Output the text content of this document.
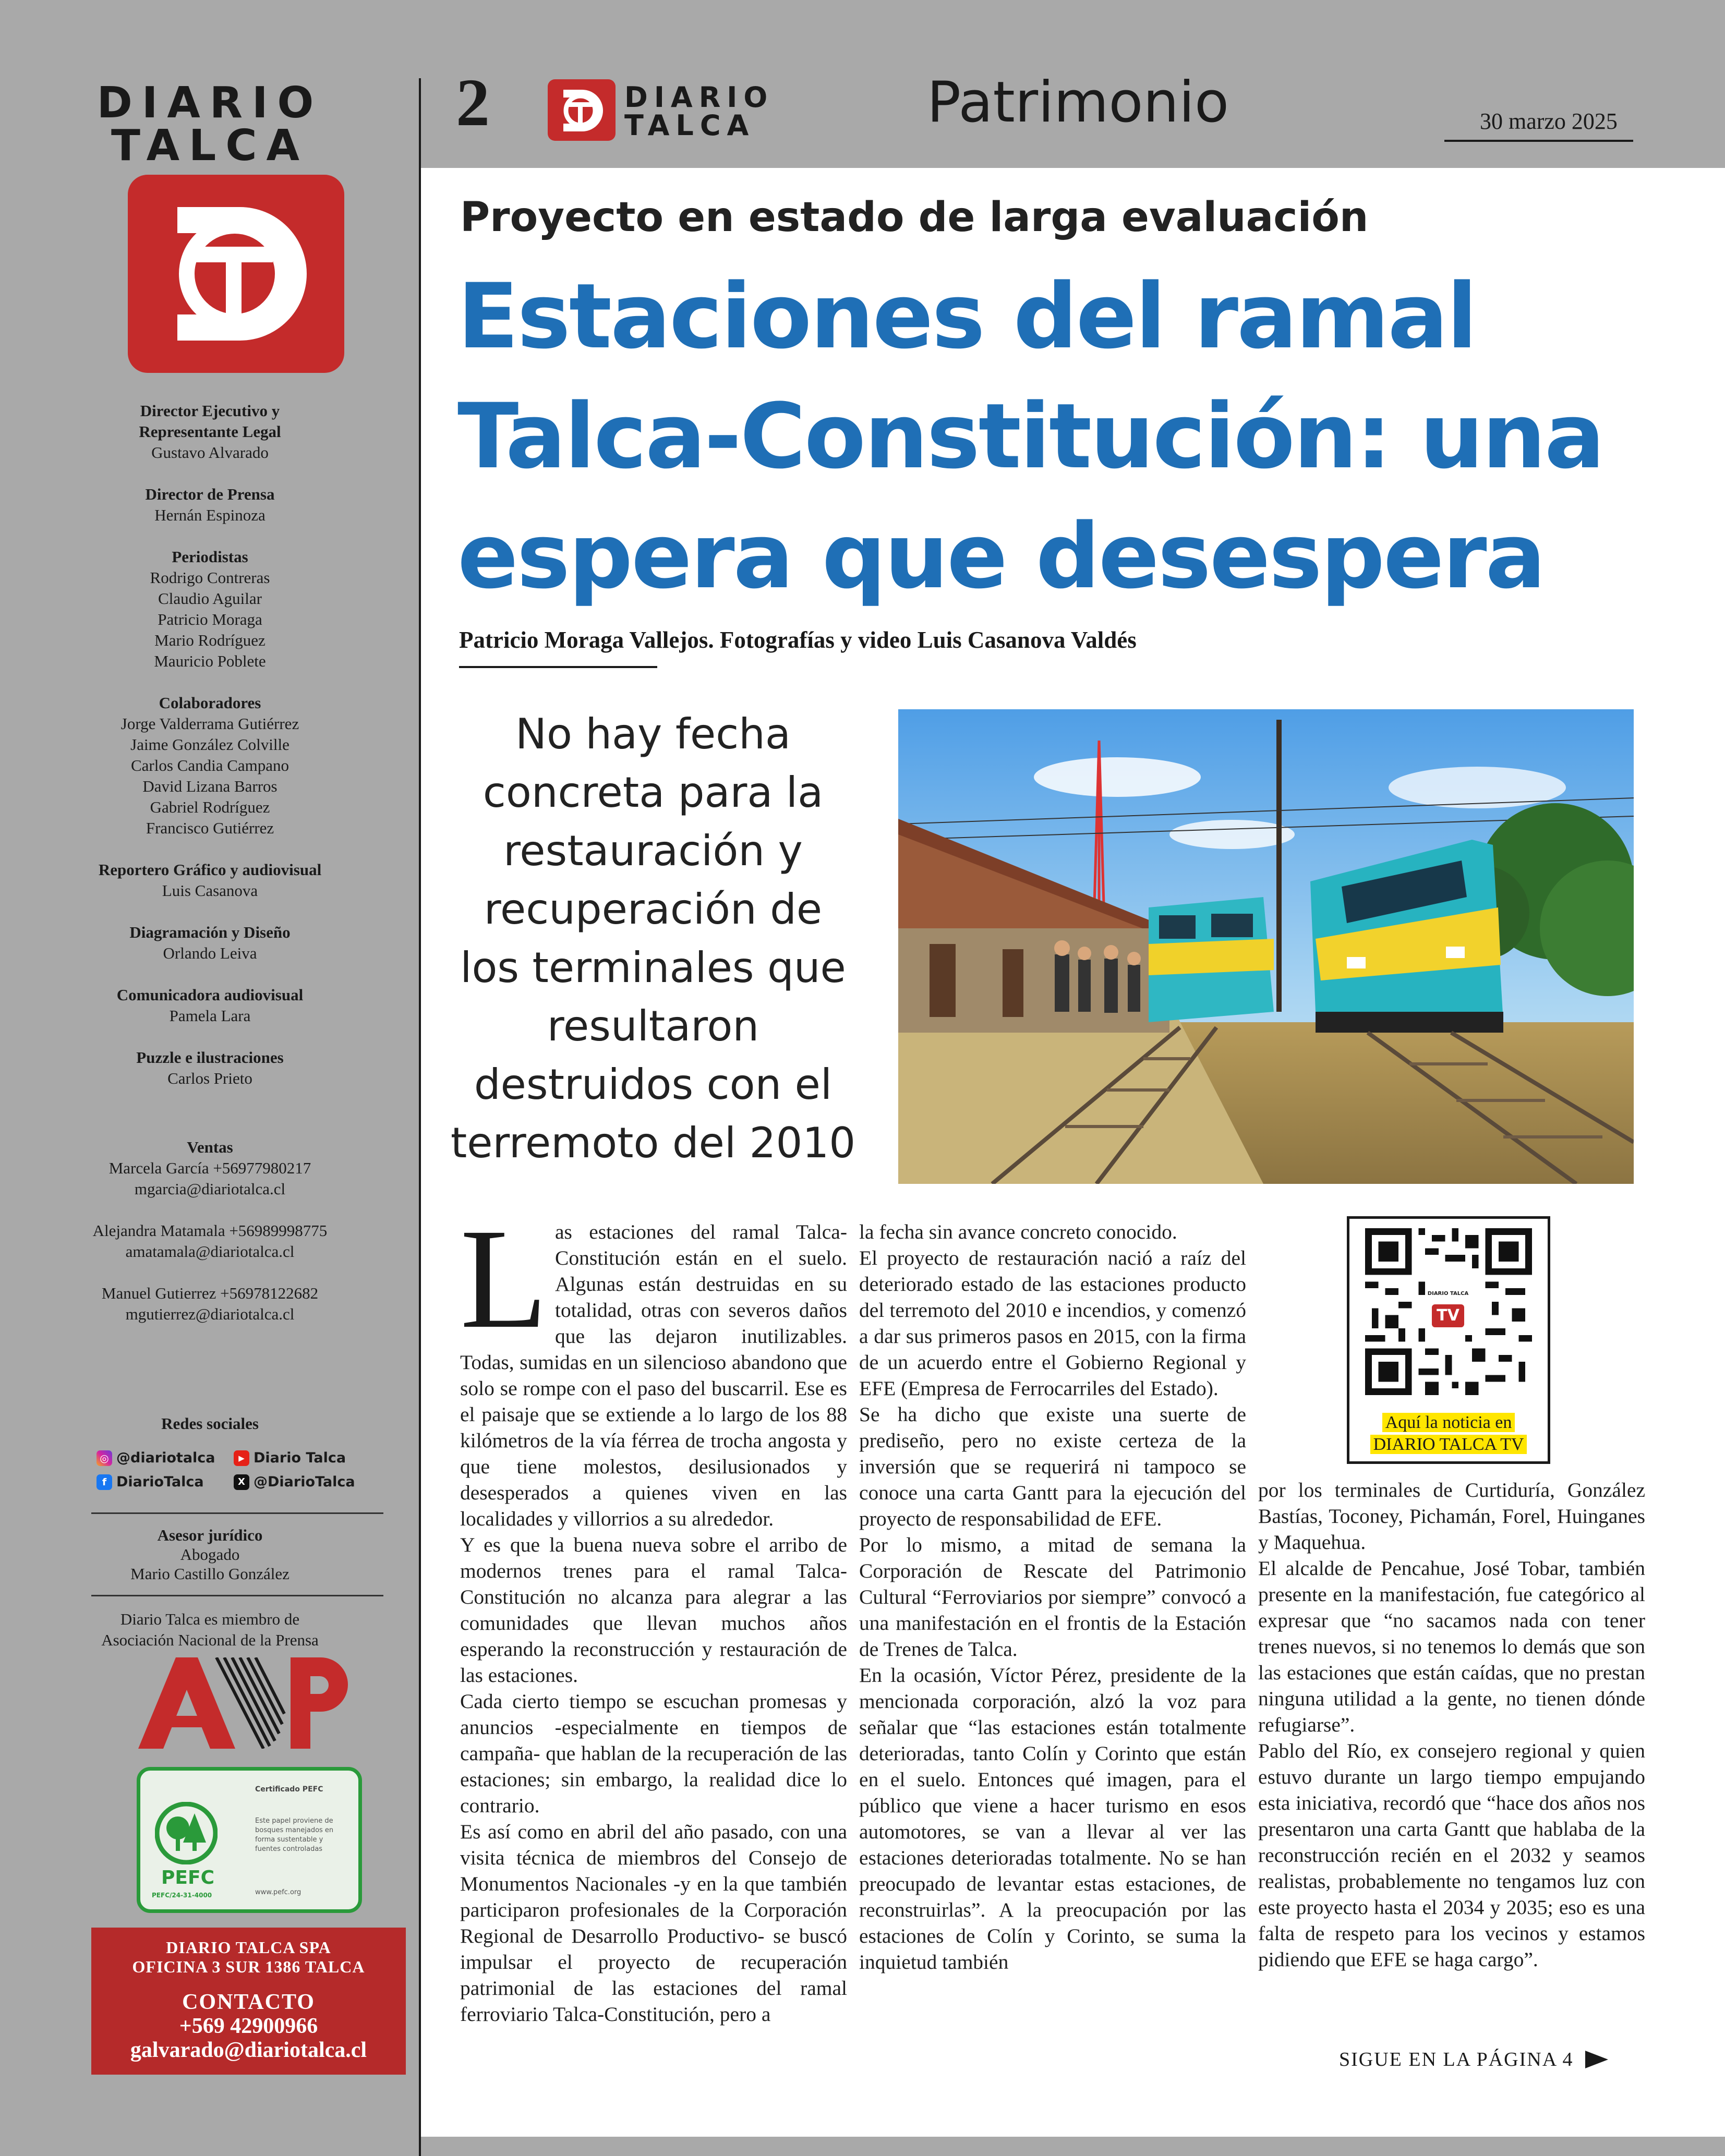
DIARIO
TALCA
Director Ejecutivo y
Representante Legal
Gustavo Alvarado
Director de Prensa
Hernán Espinoza
Periodistas
Rodrigo Contreras
Claudio Aguilar
Patricio Moraga
Mario Rodríguez
Mauricio Poblete
Colaboradores
Jorge Valderrama Gutiérrez
Jaime González Colville
Carlos Candia Campano
David Lizana Barros
Gabriel Rodríguez
Francisco Gutiérrez
Reportero Gráfico y audiovisual
Luis Casanova
Diagramación y Diseño
Orlando Leiva
Comunicadora audiovisual
Pamela Lara
Puzzle e ilustraciones
Carlos Prieto
Ventas
Marcela García +56977980217
mgarcia@diariotalca.cl
Alejandra Matamala +56989998775
amatamala@diariotalca.cl
Manuel Gutierrez +56978122682
mgutierrez@diariotalca.cl
Redes sociales
◎
@diariotalca ▶	Diario Talca
f
DiarioTalca X	@DiarioTalca
Asesor jurídico
Abogado
Mario Castillo González
Diario Talca es miembro de
Asociación Nacional de la Prensa
PEFC
PEFC/24-31-4000
Certificado PEFC
Este papel proviene de bosques manejados en forma sustentable y fuentes controladas
www.pefc.org
DIARIO TALCA SPA
OFICINA 3 SUR 1386 TALCA
CONTACTO
+569 42900966
galvarado@diariotalca.cl
2	DIARIO
TALCA	Patrimonio	30 marzo 2025
Proyecto en estado de larga evaluación
Estaciones del ramal Talca-Constitución: una espera que desespera
Patricio Moraga Vallejos. Fotografías y video Luis Casanova Valdés
No hay fecha concreta para la restauración y recuperación de los terminales que resultaron destruidos con el terremoto del 2010

Las estaciones del ramal Talca-Constitución están en el suelo. Algunas están destruidas en su totalidad, otras con severos daños que las dejaron inutilizables. Todas, sumidas en un silencioso abandono que solo se rompe con el paso del buscarril. Ese es el paisaje que se extiende a lo largo de los 88 kilómetros de la vía férrea de trocha angosta y que tiene molestos, desilusionados y desesperados a quienes viven en las localidades y villorrios a su alrededor.

Y es que la buena nueva sobre el arribo de modernos trenes para el ramal Talca-Constitución no alcanza para alegrar a las comunidades que llevan muchos años esperando la reconstrucción y restauración de las estaciones.

Cada cierto tiempo se escuchan promesas y anuncios -especialmente en tiempos de campaña- que hablan de la recuperación de las estaciones; sin embargo, la realidad dice lo contrario.

Es así como en abril del año pasado, con una visita técnica de miembros del Consejo de Monumentos Nacionales -y en la que también participaron profesionales de la Corporación Regional de Desarrollo Productivo- se buscó impulsar el proyecto de recuperación patrimonial de las estaciones del ramal ferroviario Talca-Constitución, pero a

la fecha sin avance concreto conocido.

El proyecto de restauración nació a raíz del deteriorado estado de las estaciones producto del terremoto del 2010 e incendios, y comenzó a dar sus primeros pasos en 2015, con la firma de un acuerdo entre el Gobierno Regional y EFE (Empresa de Ferrocarriles del Estado).

Se ha dicho que existe una suerte de prediseño, pero no existe certeza de la inversión que se requerirá ni tampoco se conoce una carta Gantt para la ejecución del proyecto de responsabilidad de EFE.

Por lo mismo, a mitad de semana la Corporación de Rescate del Patrimonio Cultural “Ferroviarios por siempre” convocó a una manifestación en el frontis de la Estación de Trenes de Talca.

En la ocasión, Víctor Pérez, presidente de la mencionada corporación, alzó la voz para señalar que “las estaciones están totalmente deterioradas, tanto Colín y Corinto que están en el suelo. Entonces qué imagen, para el público que viene a hacer turismo en esos automotores, se van a llevar al ver las estaciones deterioradas totalmente. No se han preocupado de levantar estas estaciones, de reconstruirlas”. A la preocupación por las estaciones de Colín y Corinto, se suma la inquietud también

DIARIO TALCA
TV
Aquí la noticia en
DIARIO TALCA TV

por los terminales de Curtiduría, González Bastías, Toconey, Pichamán, Forel, Huinganes y Maquehua.

El alcalde de Pencahue, José Tobar, también presente en la manifestación, fue categórico al expresar que “no sacamos nada con tener trenes nuevos, si no tenemos lo demás que son las estaciones que están caídas, que no prestan ninguna utilidad a la gente, no tienen dónde refugiarse”.

Pablo del Río, ex consejero regional y quien estuvo durante un largo tiempo empujando esta iniciativa, recordó que “hace dos años nos presentaron una carta Gantt que hablaba de la reconstrucción recién en el 2032 y seamos realistas, probablemente no tengamos luz con este proyecto hasta el 2034 y 2035; eso es una falta de respeto para los vecinos y estamos pidiendo que EFE se haga cargo”.

SIGUE EN LA PÁGINA 4
